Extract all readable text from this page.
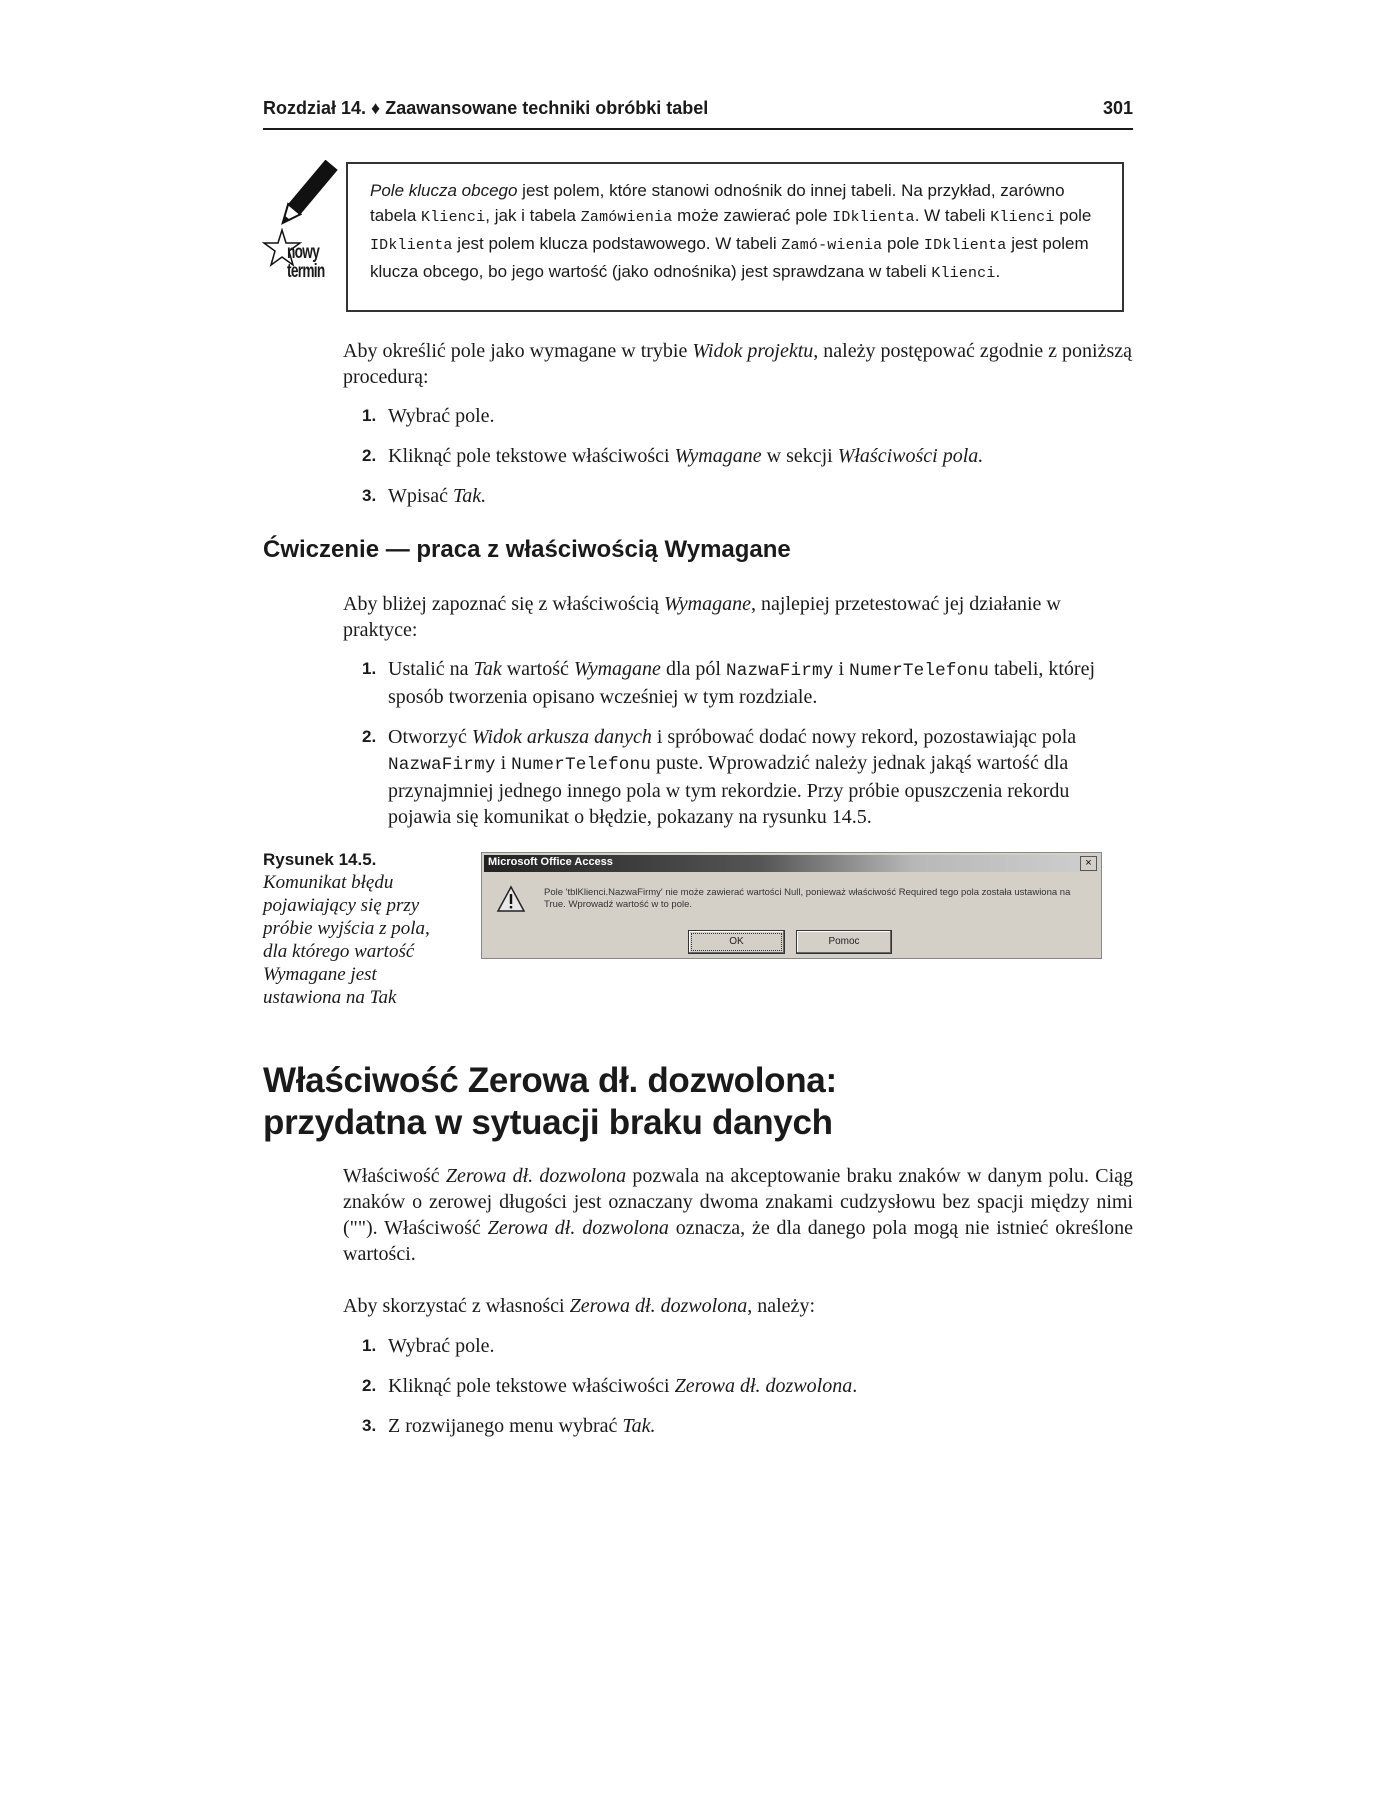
Rozdział 14. ♦ Zaawansowane techniki obróbki tabel	301
nowy
termin

Pole klucza obcego jest polem, które stanowi odnośnik do innej tabeli. Na przykład, zarówno tabela Klienci, jak i tabela Zamówienia może zawierać pole IDklienta. W tabeli Klienci pole IDklienta jest polem klucza podstawowego. W tabeli Zamó-wienia pole IDklienta jest polem klucza obcego, bo jego wartość (jako odnośnika) jest sprawdzana w tabeli Klienci.

Aby określić pole jako wymagane w trybie Widok projektu, należy postępować zgodnie z poniższą procedurą:

1. Wybrać pole.
2. Kliknąć pole tekstowe właściwości Wymagane w sekcji Właściwości pola.
3. Wpisać Tak.
Ćwiczenie — praca z właściwością Wymagane

Aby bliżej zapoznać się z właściwością Wymagane, najlepiej przetestować jej działanie w praktyce:

1. Ustalić na Tak wartość Wymagane dla pól NazwaFirmy i NumerTelefonu tabeli, której sposób tworzenia opisano wcześniej w tym rozdziale.
2. Otworzyć Widok arkusza danych i spróbować dodać nowy rekord, pozostawiając pola NazwaFirmy i NumerTelefonu puste. Wprowadzić należy jednak jakąś wartość dla przynajmniej jednego innego pola w tym rekordzie. Przy próbie opuszczenia rekordu pojawia się komunikat o błędzie, pokazany na rysunku 14.5.
Rysunek 14.5.
Komunikat błędu pojawiający się przy próbie wyjścia z pola, dla którego wartość Wymagane jest ustawiona na Tak
Microsoft Office Access	×
Pole 'tblKlienci.NazwaFirmy' nie może zawierać wartości Null, ponieważ właściwość Required tego pola została ustawiona na True. Wprowadź wartość w to pole.
OK	Pomoc
Właściwość Zerowa dł. dozwolona:
przydatna w sytuacji braku danych

Właściwość Zerowa dł. dozwolona pozwala na akceptowanie braku znaków w danym polu. Ciąg znaków o zerowej długości jest oznaczany dwoma znakami cudzysłowu bez spacji między nimi (""). Właściwość Zerowa dł. dozwolona oznacza, że dla danego pola mogą nie istnieć określone wartości.

Aby skorzystać z własności Zerowa dł. dozwolona, należy:

1. Wybrać pole.
2. Kliknąć pole tekstowe właściwości Zerowa dł. dozwolona.
3. Z rozwijanego menu wybrać Tak.
